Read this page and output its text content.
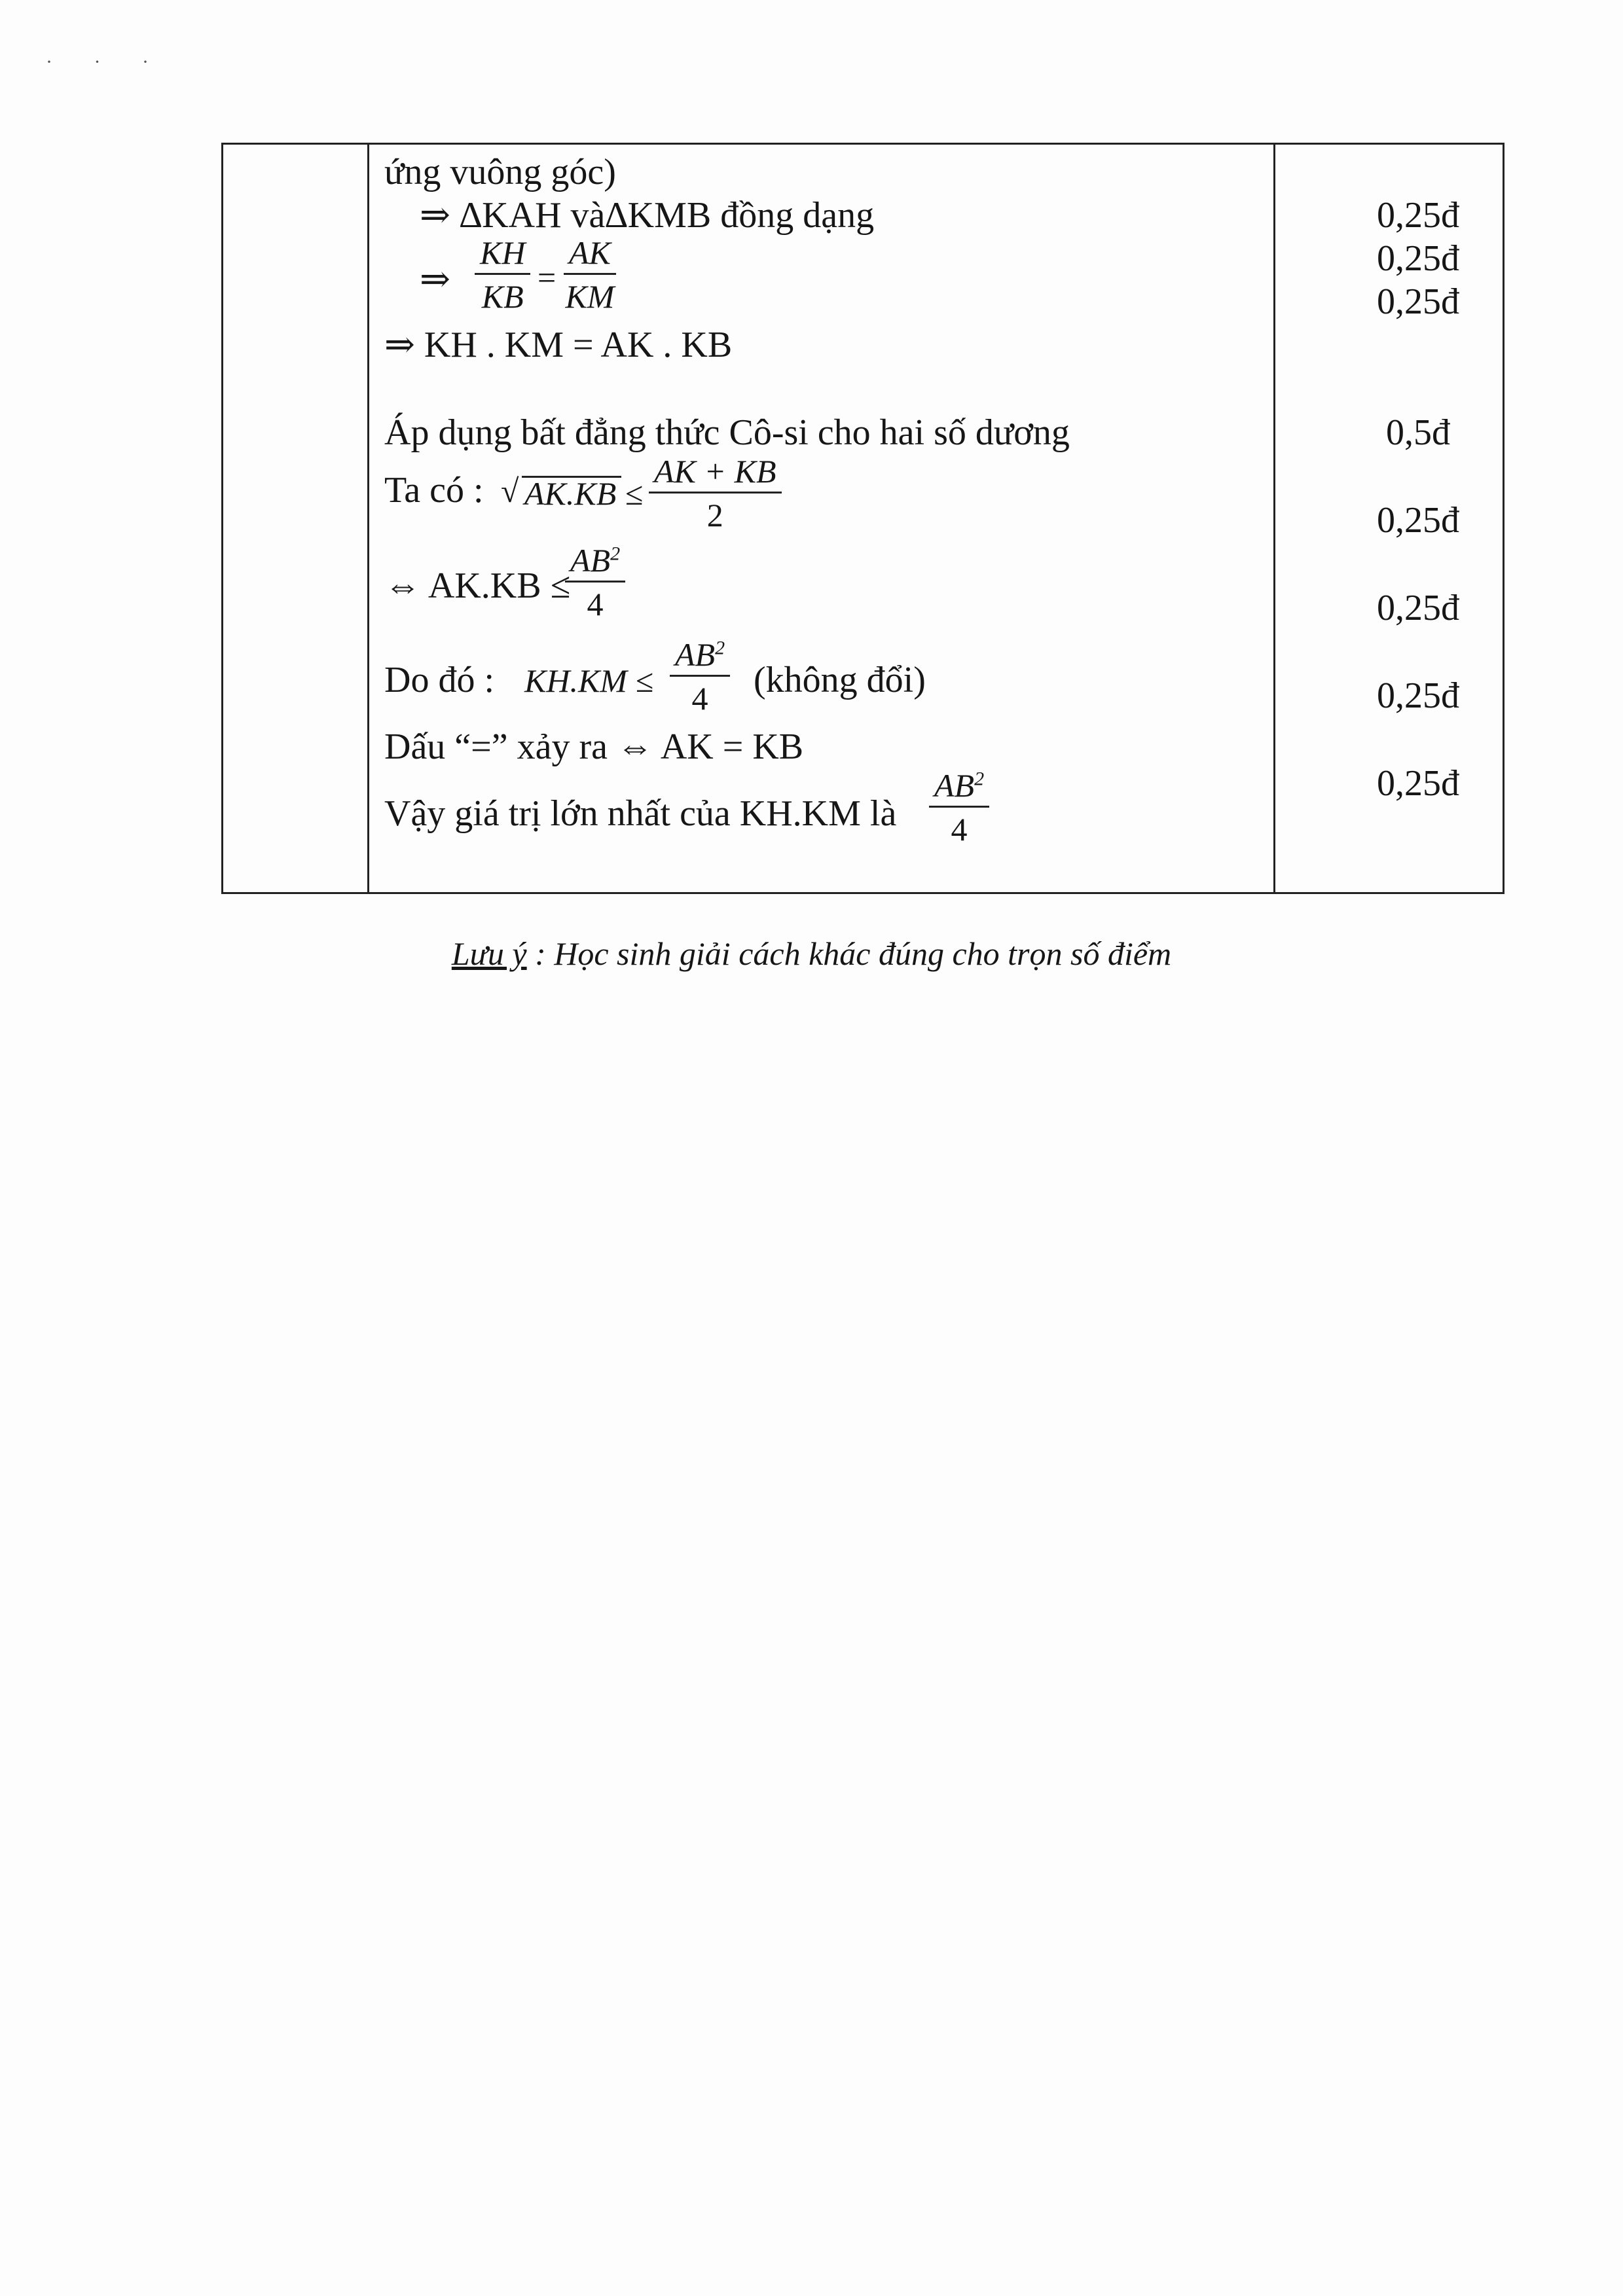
· · ·
ứng vuông góc)
⇒ ∆KAH và∆KMB đồng dạng
⇒ $\frac{KH}{KB} = \frac{AK}{KM}$
⇒ KH . KM = AK . KB
Áp dụng bất đẳng thức Cô-si cho hai số dương
Ta có : √ $AK.KB \le \frac{AK + KB}{2}$
⇔ AK.KB ≤
$\frac{AB^2}{4}$
Do đó : $KH.KM \le \frac{AB^2}{4}$ (không đổi)
Dấu “=” xảy ra ⇔ AK = KB
Vậy giá trị lớn nhất của KH.KM là $\frac{AB^2}{4}$
0,25đ
0,25đ
0,25đ
0,5đ
0,25đ
0,25đ
0,25đ
0,25đ
Lưu ý : Học sinh giải cách khác đúng cho trọn số điểm
